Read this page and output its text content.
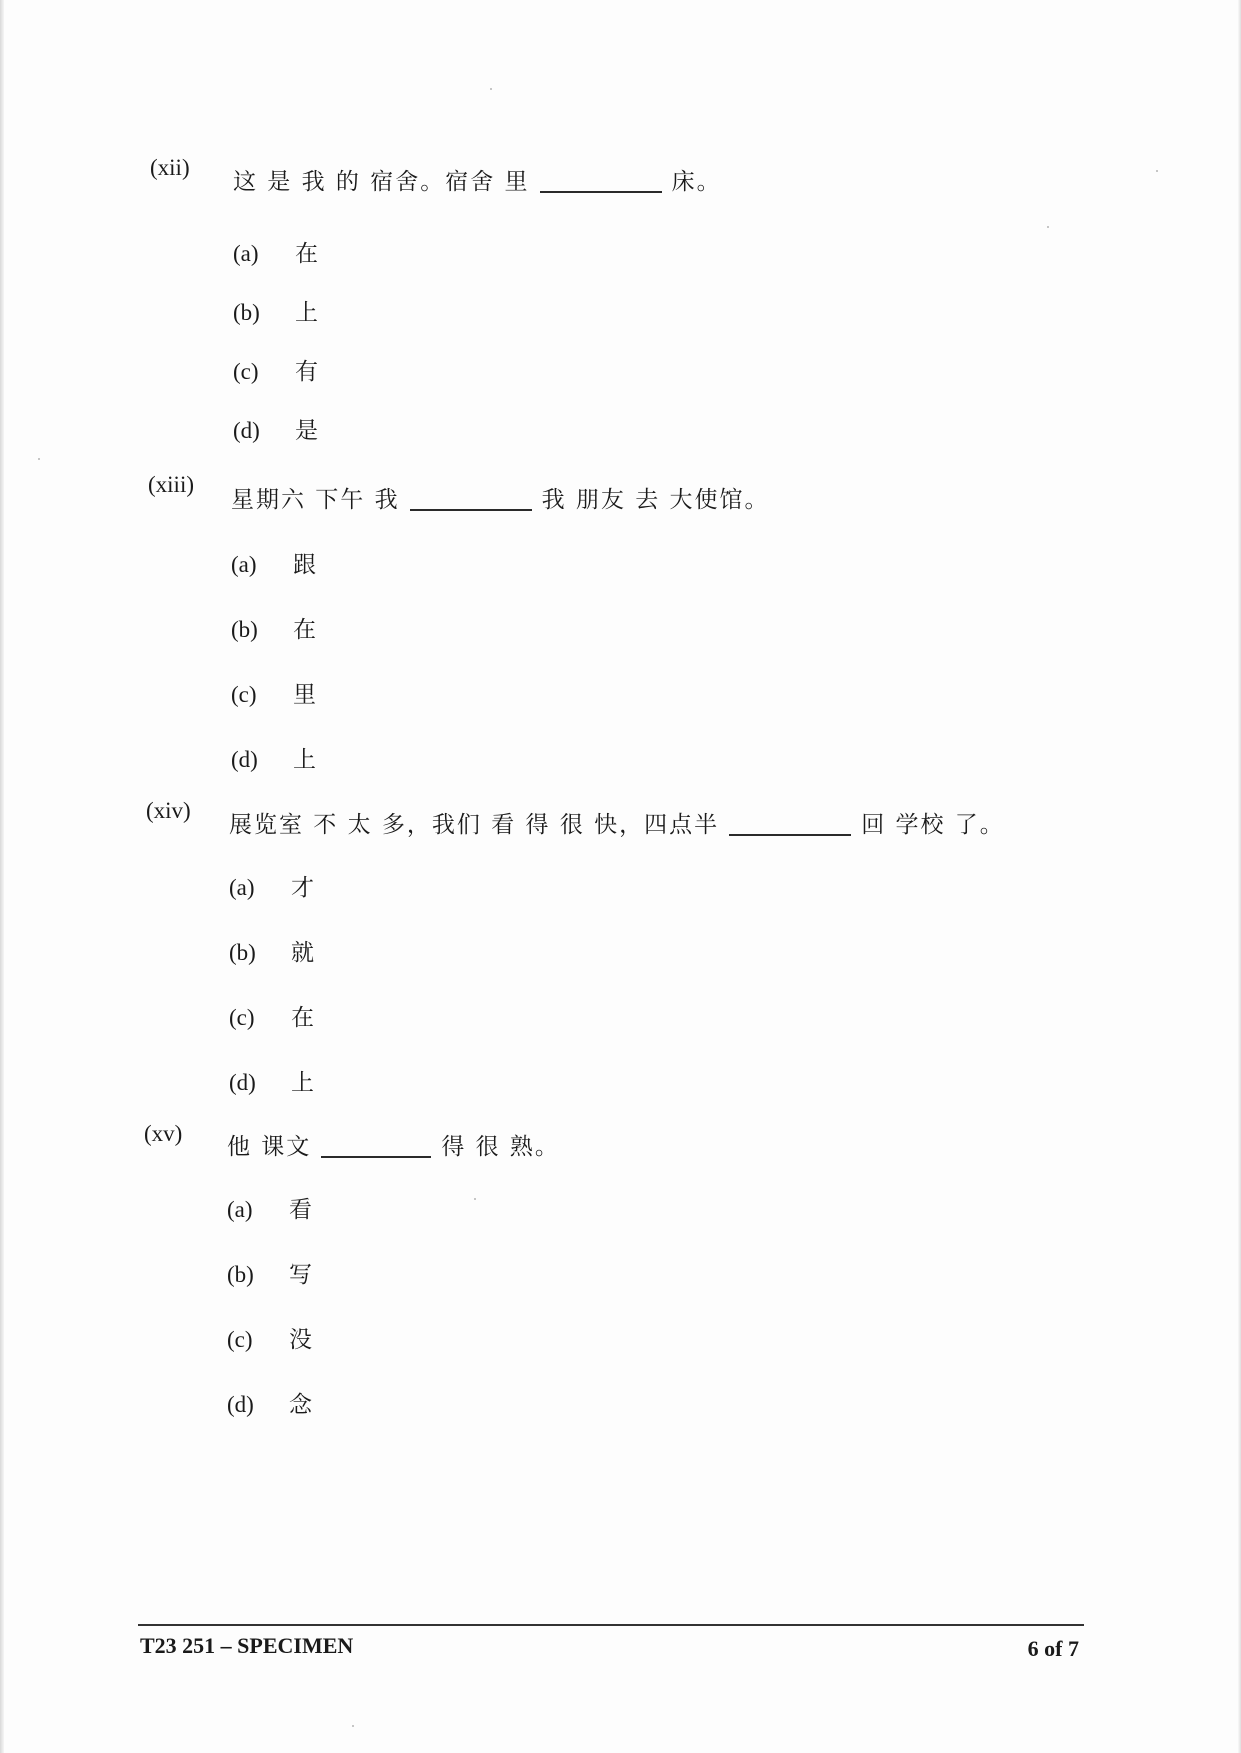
(xii)
这 是 我 的 宿舍。宿舍 里	床。
(a) 在
(b) 上
(c) 有
(d) 是
(xiii)
星期六 下午 我	我 朋友 去 大使馆。
(a) 跟
(b) 在
(c) 里
(d) 上
(xiv)
展览室 不 太 多，我们 看 得 很 快，四点半	回 学校 了。
(a) 才
(b) 就
(c) 在
(d) 上
(xv)
他 课文	得 很 熟。
(a) 看
(b) 写
(c) 没
(d) 念
T23 251 – SPECIMEN	6 of 7
